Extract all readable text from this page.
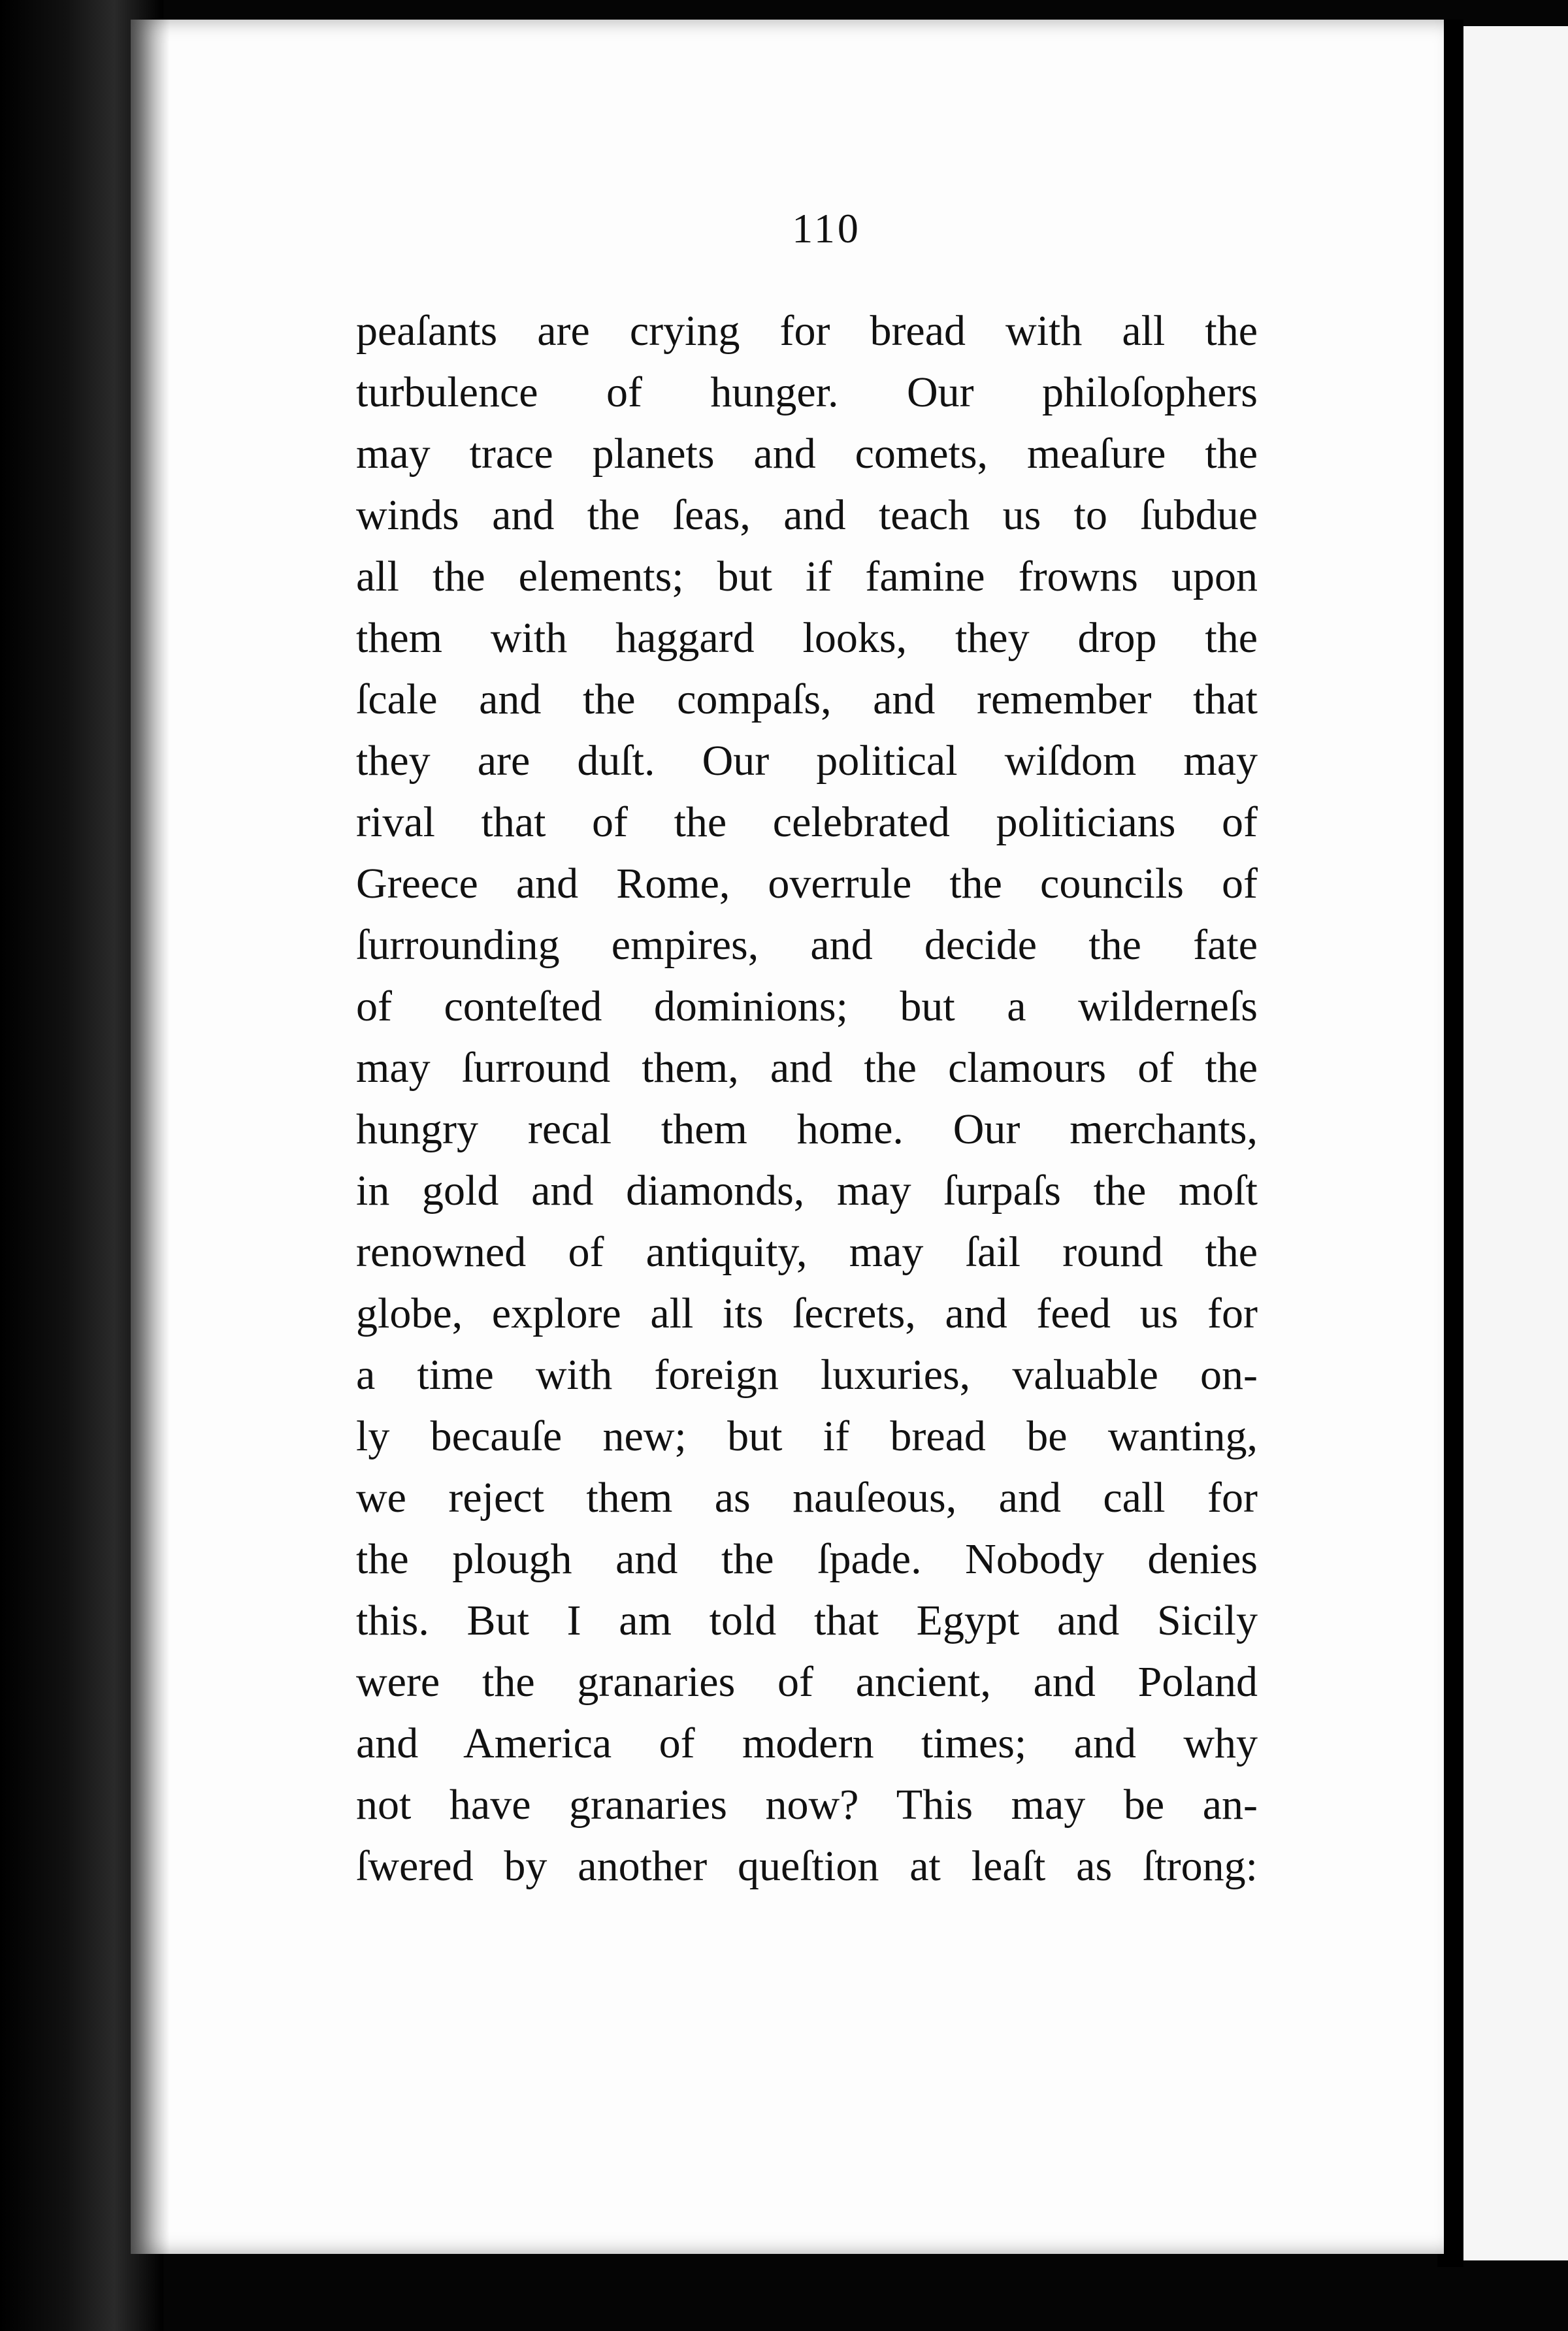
110
peaſants are crying for bread with all the
turbulence of hunger. Our philoſophers
may trace planets and comets, meaſure the
winds and the ſeas, and teach us to ſubdue
all the elements; but if famine frowns upon
them with haggard looks, they drop the
ſcale and the compaſs, and remember that
they are duſt. Our political wiſdom may
rival that of the celebrated politicians of
Greece and Rome, overrule the councils of
ſurrounding empires, and decide the fate
of conteſted dominions; but a wilderneſs
may ſurround them, and the clamours of the
hungry recal them home. Our merchants,
in gold and diamonds, may ſurpaſs the moſt
renowned of antiquity, may ſail round the
globe, explore all its ſecrets, and feed us for
a time with foreign luxuries, valuable on-
ly becauſe new; but if bread be wanting,
we reject them as nauſeous, and call for
the plough and the ſpade. Nobody denies
this. But I am told that Egypt and Sicily
were the granaries of ancient, and Poland
and America of modern times; and why
not have granaries now? This may be an-
ſwered by another queſtion at leaſt as ſtrong:
